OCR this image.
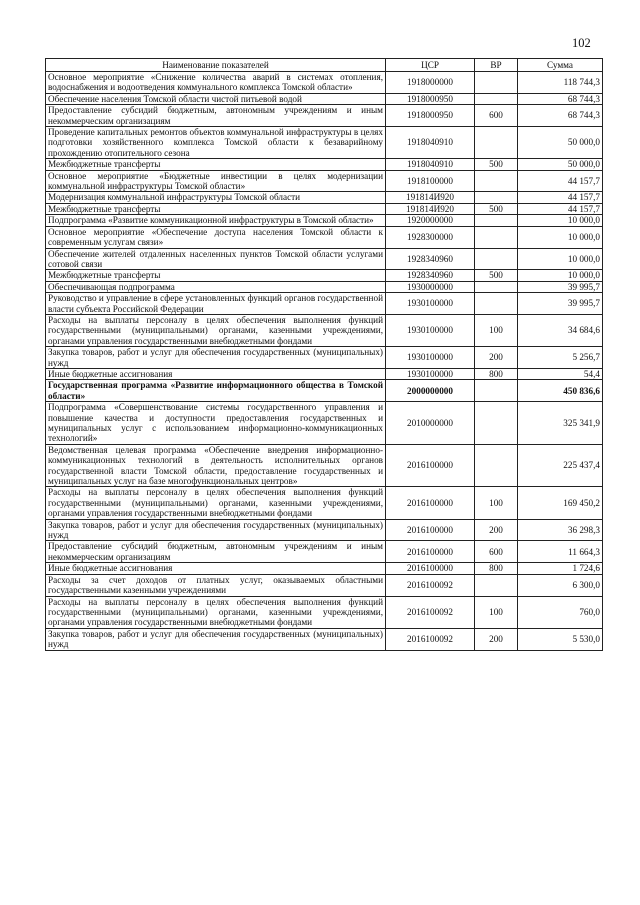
102
Наименование показателей	ЦСР	ВР	Сумма
Основное мероприятие «Снижение количества аварий в системах отопления, водоснабжения и водоотведения коммунального комплекса Томской области»	1918000000		118 744,3
Обеспечение населения Томской области чистой питьевой водой	1918000950		68 744,3
Предоставление субсидий бюджетным, автономным учреждениям и иным некоммерческим организациям	1918000950	600	68 744,3
Проведение капитальных ремонтов объектов коммунальной инфраструктуры в целях подготовки хозяйственного комплекса Томской области к безаварийному прохождению отопительного сезона	1918040910		50 000,0
Межбюджетные трансферты	1918040910	500	50 000,0
Основное мероприятие «Бюджетные инвестиции в целях модернизации коммунальной инфраструктуры Томской области»	1918100000		44 157,7
Модернизация коммунальной инфраструктуры Томской области	191814И920		44 157,7
Межбюджетные трансферты	191814И920	500	44 157,7
Подпрограмма «Развитие коммуникационной инфраструктуры в Томской области»	1920000000		10 000,0
Основное мероприятие «Обеспечение доступа населения Томской области к современным услугам связи»	1928300000		10 000,0
Обеспечение жителей отдаленных населенных пунктов Томской области услугами сотовой связи	1928340960		10 000,0
Межбюджетные трансферты	1928340960	500	10 000,0
Обеспечивающая подпрограмма	1930000000		39 995,7
Руководство и управление в сфере установленных функций органов государственной власти субъекта Российской Федерации	1930100000		39 995,7
Расходы на выплаты персоналу в целях обеспечения выполнения функций государственными (муниципальными) органами, казенными учреждениями, органами управления государственными внебюджетными фондами	1930100000	100	34 684,6
Закупка товаров, работ и услуг для обеспечения государственных (муниципальных) нужд	1930100000	200	5 256,7
Иные бюджетные ассигнования	1930100000	800	54,4
Государственная программа «Развитие информационного общества в Томской области»	2000000000		450 836,6
Подпрограмма «Совершенствование системы государственного управления и повышение качества и доступности предоставления государственных и муниципальных услуг с использованием информационно-коммуникационных технологий»	2010000000		325 341,9
Ведомственная целевая программа «Обеспечение внедрения информационно-коммуникационных технологий в деятельность исполнительных органов государственной власти Томской области, предоставление государственных и муниципальных услуг на базе многофункциональных центров»	2016100000		225 437,4
Расходы на выплаты персоналу в целях обеспечения выполнения функций государственными (муниципальными) органами, казенными учреждениями, органами управления государственными внебюджетными фондами	2016100000	100	169 450,2
Закупка товаров, работ и услуг для обеспечения государственных (муниципальных) нужд	2016100000	200	36 298,3
Предоставление субсидий бюджетным, автономным учреждениям и иным некоммерческим организациям	2016100000	600	11 664,3
Иные бюджетные ассигнования	2016100000	800	1 724,6
Расходы за счет доходов от платных услуг, оказываемых областными государственными казенными учреждениями	2016100092		6 300,0
Расходы на выплаты персоналу в целях обеспечения выполнения функций государственными (муниципальными) органами, казенными учреждениями, органами управления государственными внебюджетными фондами	2016100092	100	760,0
Закупка товаров, работ и услуг для обеспечения государственных (муниципальных) нужд	2016100092	200	5 530,0
